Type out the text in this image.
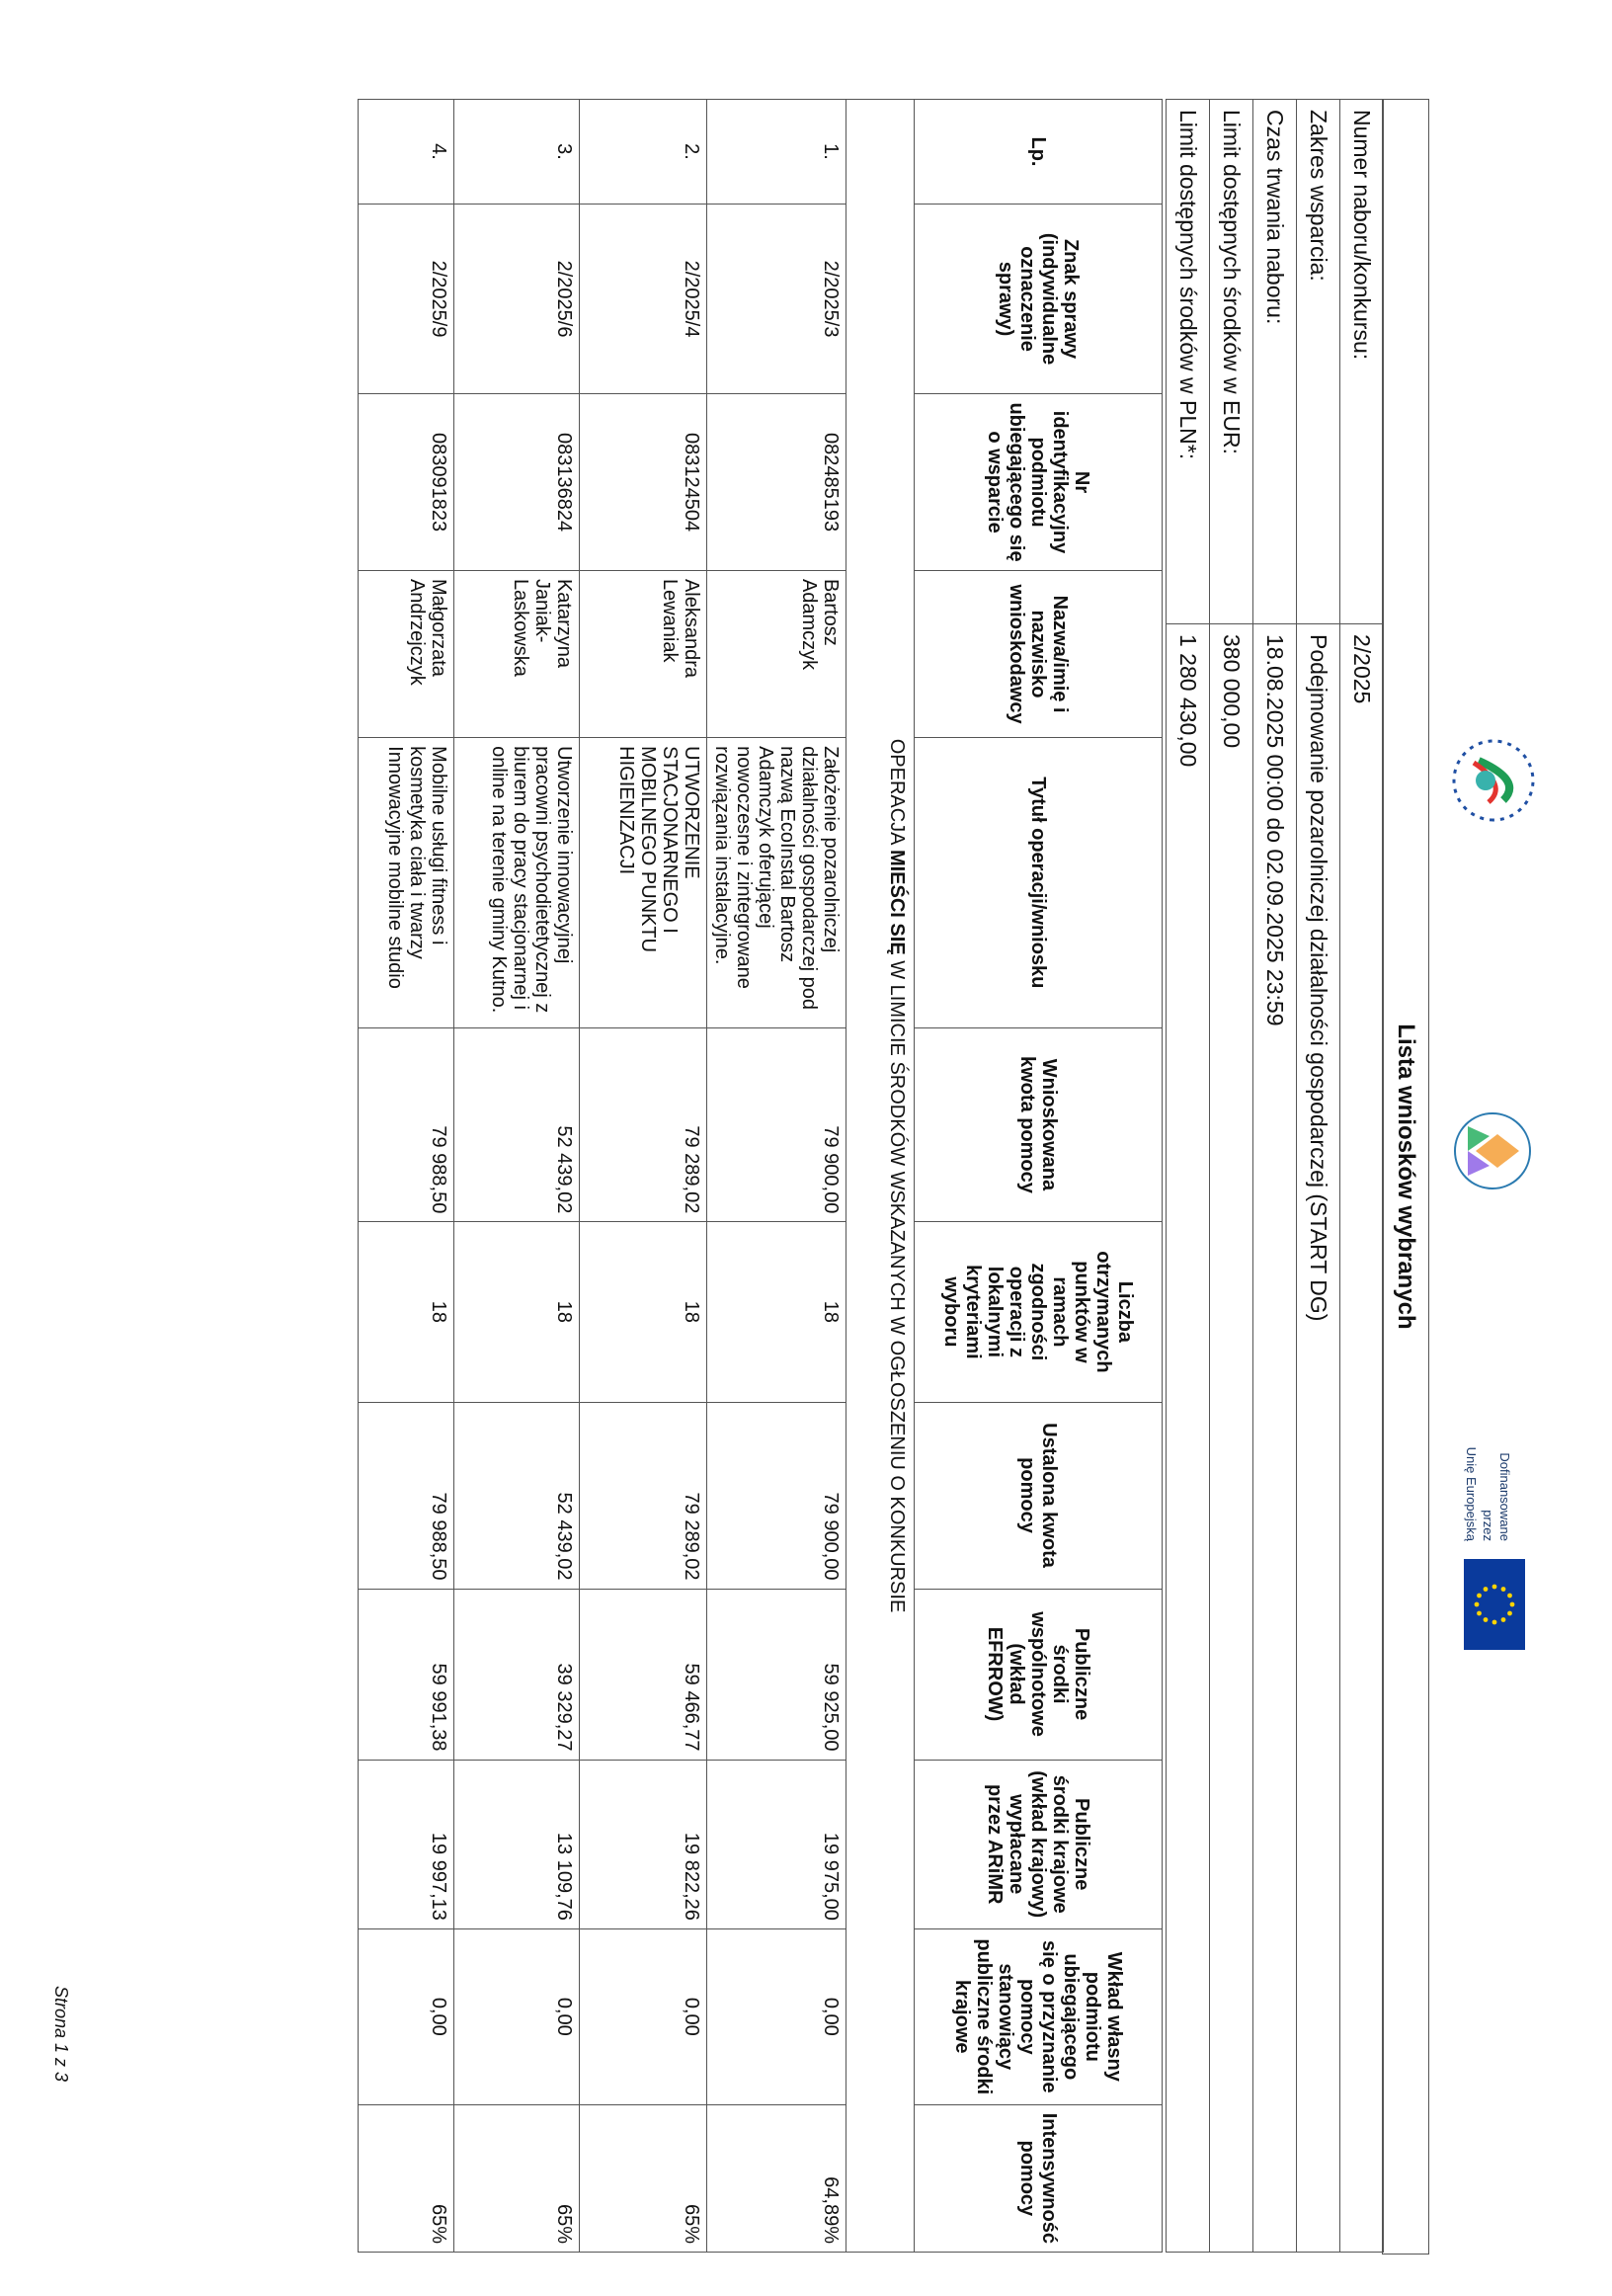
Dofinansowane przez
Unię Europejską
Lista wniosków wybranych
Numer naboru/konkursu:	2/2025
Zakres wsparcia:	Podejmowanie pozarolniczej działalności gospodarczej (START DG)
Czas trwania naboru:	18.08.2025 00:00 do 02.09.2025 23:59
Limit dostępnych środków w EUR:	380 000,00
Limit dostępnych środków w PLN*:	1 280 430,00
Lp.	Znak sprawy (indywidualne oznaczenie sprawy)	Nr identyfikacyjny podmiotu ubiegającego się o wsparcie	Nazwa/imię i nazwisko wnioskodawcy	Tytuł operacji/wniosku	Wnioskowana kwota pomocy	Liczba otrzymanych punktów w ramach zgodności operacji z lokalnymi kryteriami wyboru	Ustalona kwota pomocy	Publiczne środki wspólnotowe (wkład EFRROW)	Publiczne środki krajowe (wkład krajowy) wypłacane przez ARiMR	Wkład własny podmiotu ubiegającego się o przyznanie pomocy stanowiący publiczne środki krajowe	Intensywność pomocy
OPERACJA MIEŚCI SIĘ W LIMICIE ŚRODKÓW WSKAZANYCH W OGŁOSZENIU O KONKURSIE											
1.	2/2025/3	082485193	Bartosz Adamczyk	Założenie pozarolniczej działalności gospodarczej pod nazwą EcoInstal Bartosz Adamczyk oferującej nowoczesne i zintegrowane rozwiązania instalacyjne.	79 900,00	18	79 900,00	59 925,00	19 975,00	0,00	64,89%
2.	2/2025/4	083124504	Aleksandra Lewaniak	UTWORZENIE STACJONARNEGO I MOBILNEGO PUNKTU HIGIENIZACJI	79 289,02	18	79 289,02	59 466,77	19 822,26	0,00	65%
3.	2/2025/6	083136824	Katarzyna Janiak-Laskowska	Utworzenie innowacyjnej pracowni psychodietetycznej z biurem do pracy stacjonarnej i online na terenie gminy Kutno.	52 439,02	18	52 439,02	39 329,27	13 109,76	0,00	65%
4.	2/2025/9	083091823	Małgorzata Andrzejczyk	Mobilne usługi fitness i kosmetyka ciała i twarzy Innowacyjne mobilne studio	79 988,50	18	79 988,50	59 991,38	19 997,13	0,00	65%
Strona 1 z 3
